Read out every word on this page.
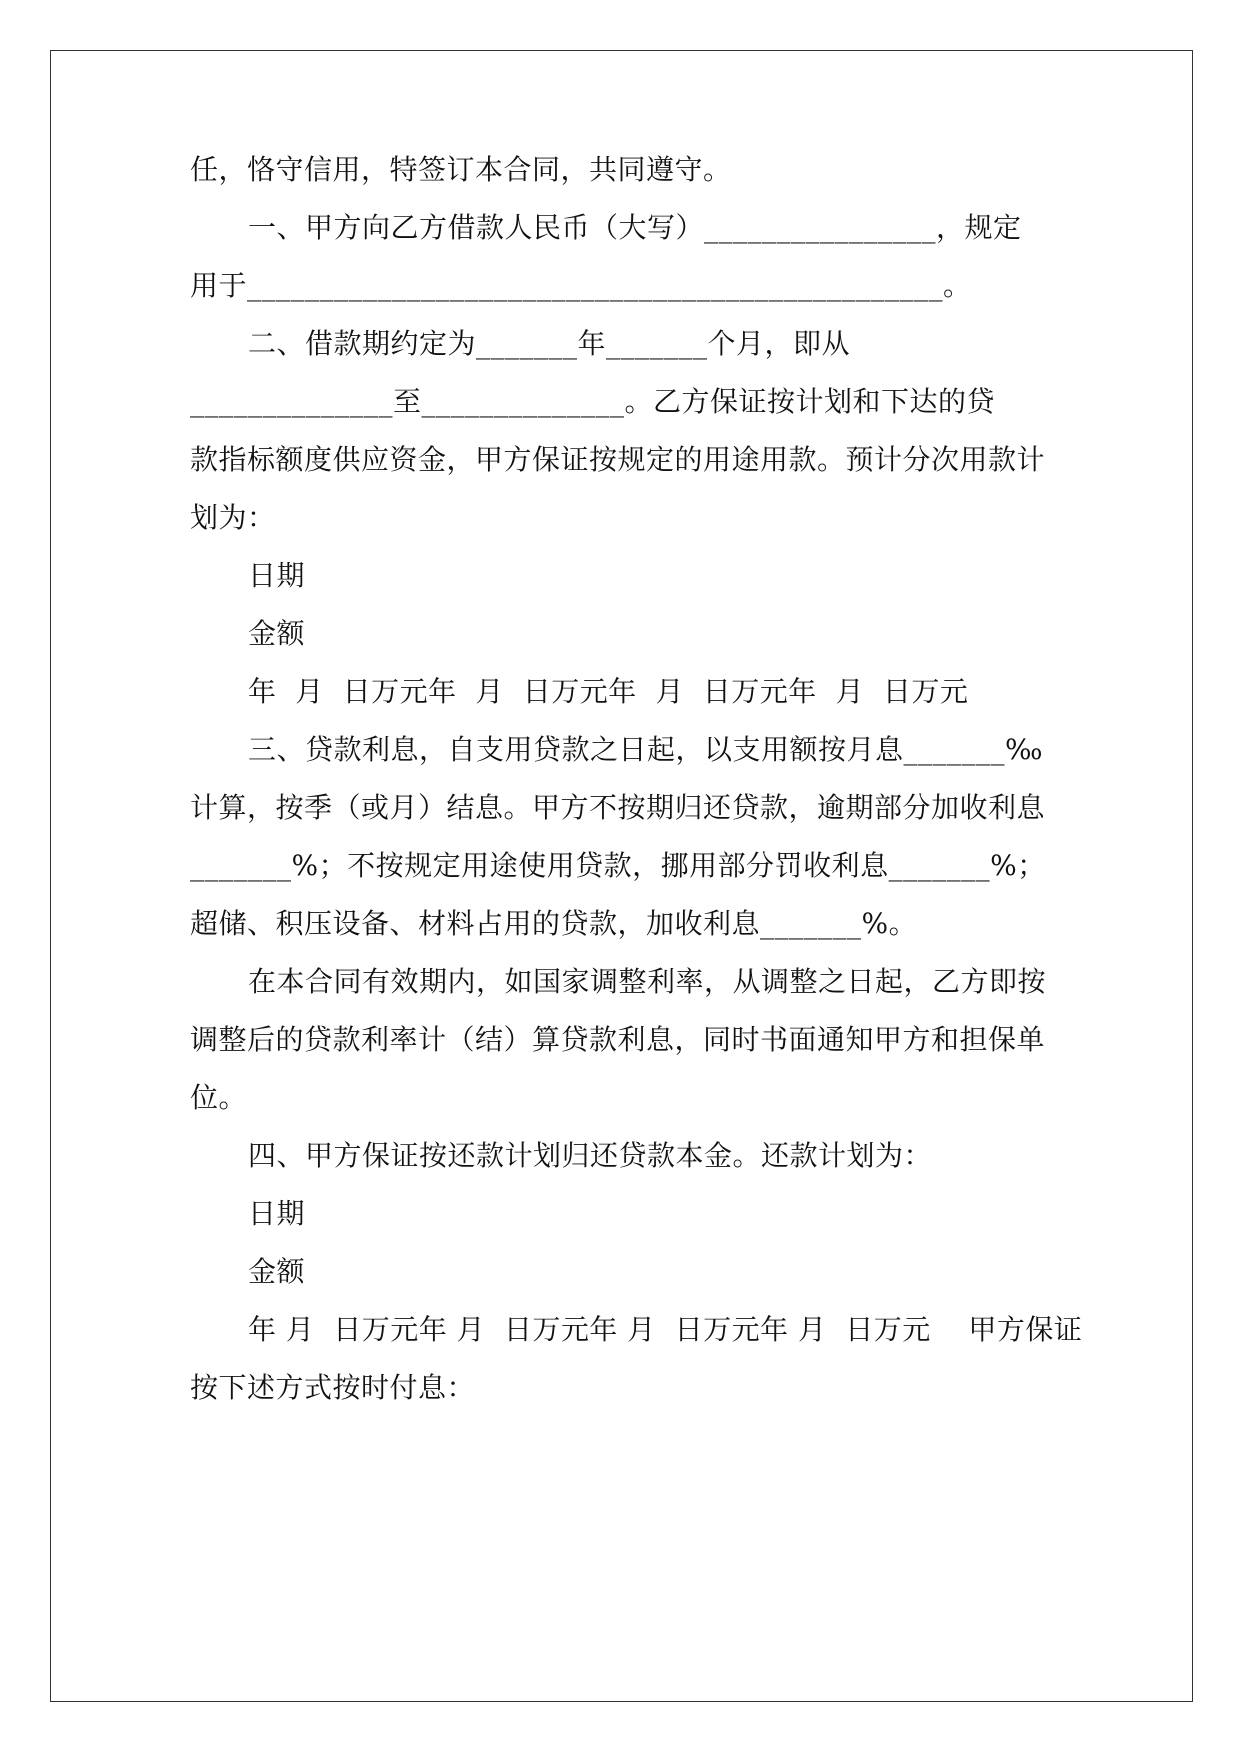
任，恪守信用，特签订本合同，共同遵守。
一、甲方向乙方借款人民币（大写）________________，规定
用于________________________________________________。
二、借款期约定为_______年_______个月，即从
______________至______________。乙方保证按计划和下达的贷
款指标额度供应资金，甲方保证按规定的用途用款。预计分次用款计
划为：
日期
金额
年  月  日万元年  月  日万元年  月  日万元年  月  日万元
三、贷款利息，自支用贷款之日起，以支用额按月息_______‰
计算，按季（或月）结息。甲方不按期归还贷款，逾期部分加收利息
_______%；不按规定用途使用贷款，挪用部分罚收利息_______%；
超储、积压设备、材料占用的贷款，加收利息_______%。
在本合同有效期内，如国家调整利率，从调整之日起，乙方即按
调整后的贷款利率计（结）算贷款利息，同时书面通知甲方和担保单
位。
四、甲方保证按还款计划归还贷款本金。还款计划为：
日期
金额
年 月  日万元年 月  日万元年 月  日万元年 月  日万元    甲方保证
按下述方式按时付息：
